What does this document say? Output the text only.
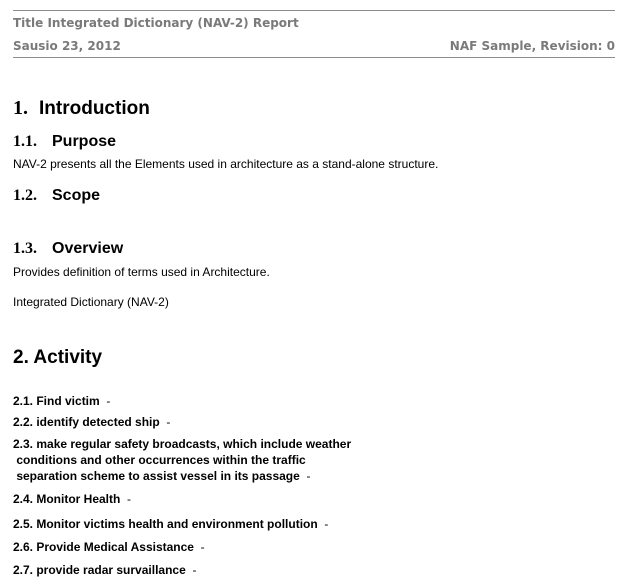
Title Integrated Dictionary (NAV-2) Report
Sausio 23, 2012	NAF Sample, Revision: 0
1. Introduction
1.1. Purpose
NAV-2 presents all the Elements used in architecture as a stand-alone structure.
1.2. Scope
1.3. Overview
Provides definition of terms used in Architecture.
Integrated Dictionary (NAV-2)
2. Activity
2.1. Find victim -
2.2. identify detected ship -
2.3. make regular safety broadcasts, which include weather
conditions and other occurrences within the traffic
separation scheme to assist vessel in its passage -
2.4. Monitor Health -
2.5. Monitor victims health and environment pollution -
2.6. Provide Medical Assistance -
2.7. provide radar survaillance -
